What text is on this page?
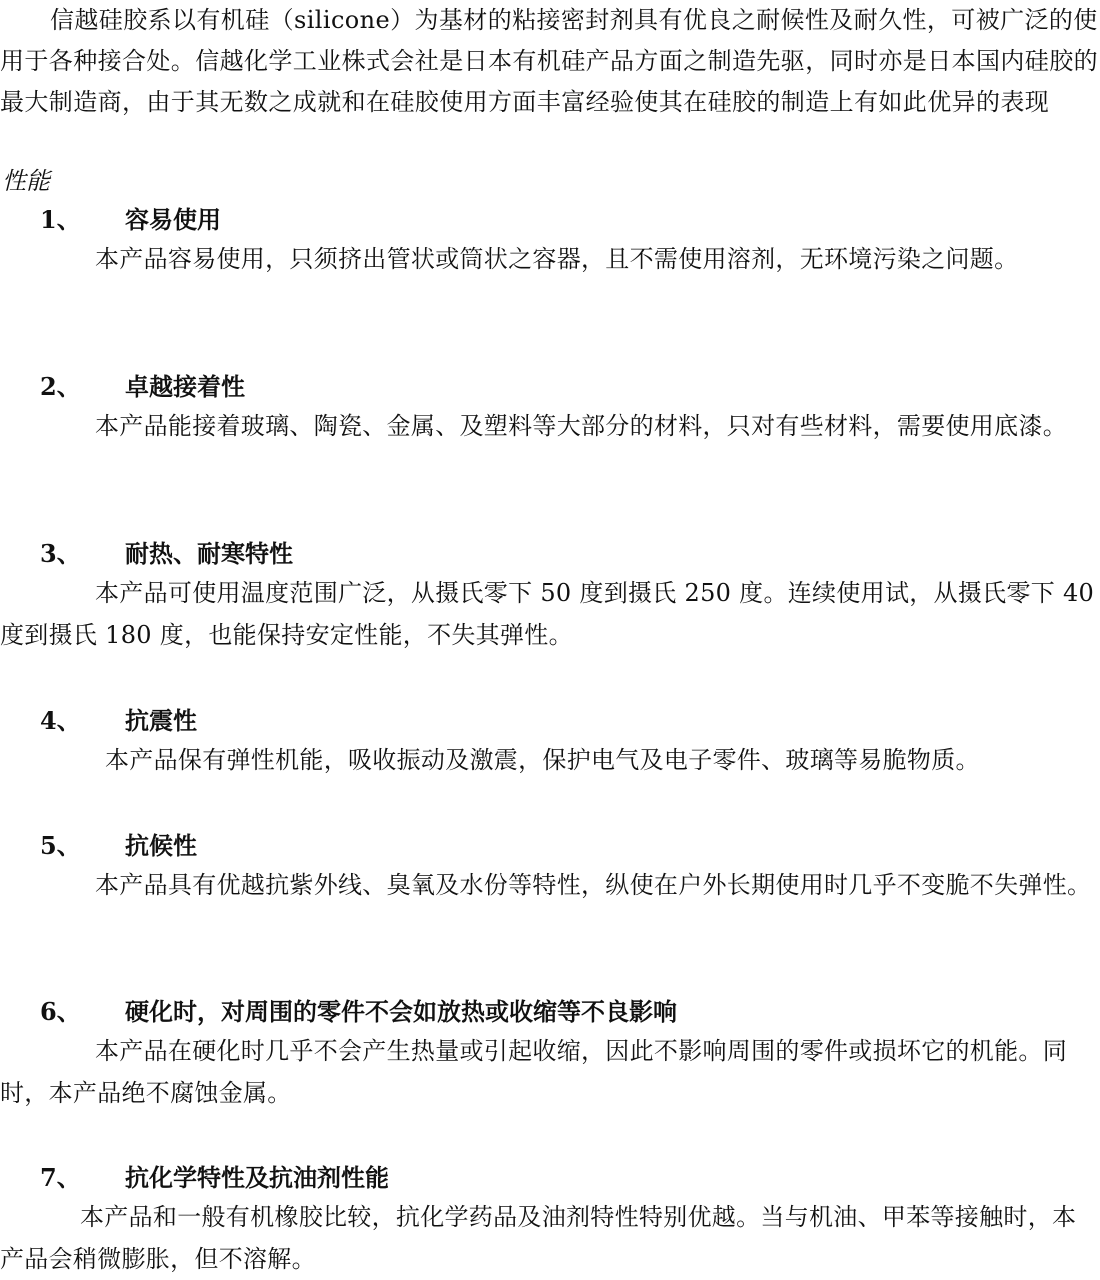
信越硅胶系以有机硅（silicone）为基材的粘接密封剂具有优良之耐候性及耐久性，可被广泛的使用于各种接合处。信越化学工业株式会社是日本有机硅产品方面之制造先驱，同时亦是日本国内硅胶的最大制造商，由于其无数之成就和在硅胶使用方面丰富经验使其在硅胶的制造上有如此优异的表现

性能

1、 容易使用

本产品容易使用，只须挤出管状或筒状之容器，且不需使用溶剂，无环境污染之问题。

2、 卓越接着性

本产品能接着玻璃、陶瓷、金属、及塑料等大部分的材料，只对有些材料，需要使用底漆。

3、 耐热、耐寒特性

本产品可使用温度范围广泛，从摄氏零下 50 度到摄氏 250 度。连续使用试，从摄氏零下 40 度到摄氏 180 度，也能保持安定性能，不失其弹性。

4、 抗震性

本产品保有弹性机能，吸收振动及激震，保护电气及电子零件、玻璃等易脆物质。

5、 抗候性

本产品具有优越抗紫外线、臭氧及水份等特性，纵使在户外长期使用时几乎不变脆不失弹性。

6、 硬化时，对周围的零件不会如放热或收缩等不良影响

本产品在硬化时几乎不会产生热量或引起收缩，因此不影响周围的零件或损坏它的机能。同时，本产品绝不腐蚀金属。

7、 抗化学特性及抗油剂性能

本产品和一般有机橡胶比较，抗化学药品及油剂特性特别优越。当与机油、甲苯等接触时，本产品会稍微膨胀，但不溶解。
